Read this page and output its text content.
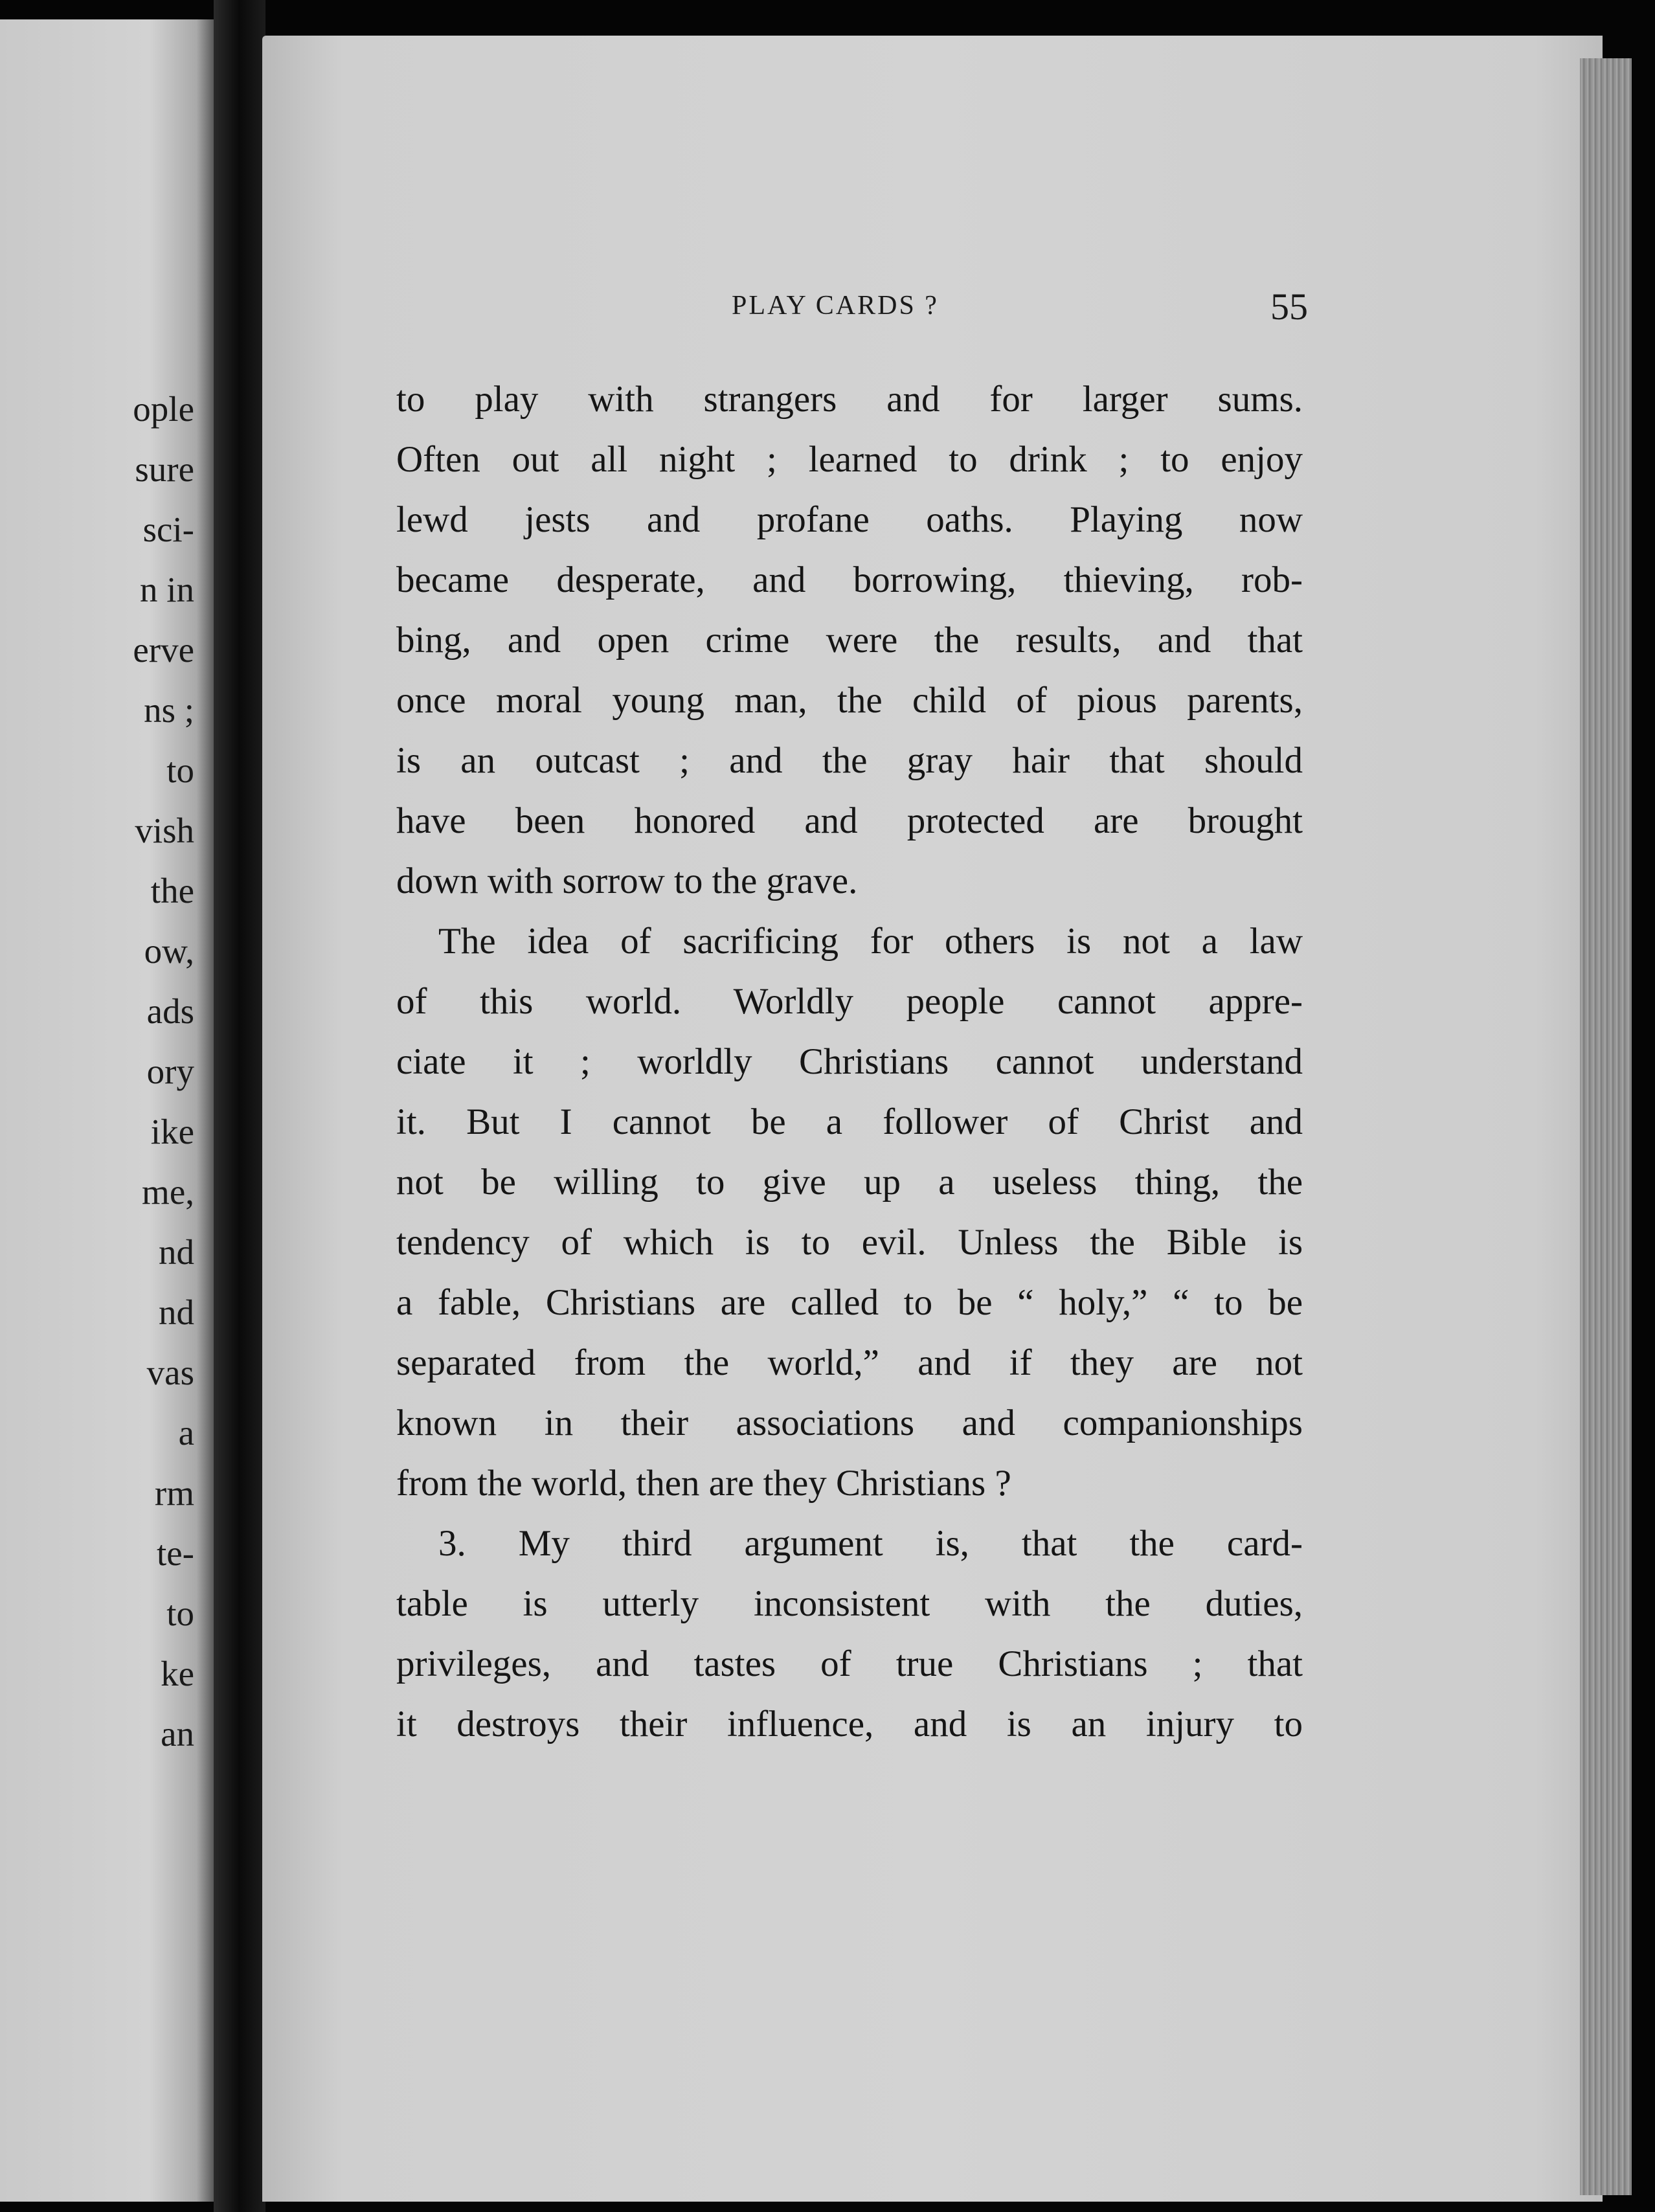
ople
sure
sci-
n in
erve
ns ;
to
vish
the
ow,
ads
ory
ike
me,
nd
nd
vas
a
rm
te-
to
ke
an
PLAY CARDS ?	55
to play with strangers and for larger sums.
Often out all night ; learned to drink ; to enjoy
lewd jests and profane oaths. Playing now
became desperate, and borrowing, thieving, rob-
bing, and open crime were the results, and that
once moral young man, the child of pious parents,
is an outcast ; and the gray hair that should
have been honored and protected are brought
down with sorrow to the grave.
The idea of sacrificing for others is not a law
of this world. Worldly people cannot appre-
ciate it ; worldly Christians cannot understand
it. But I cannot be a follower of Christ and
not be willing to give up a useless thing, the
tendency of which is to evil. Unless the Bible is
a fable, Christians are called to be “ holy,” “ to be
separated from the world,” and if they are not
known in their associations and companionships
from the world, then are they Christians ?
3. My third argument is, that the card-
table is utterly inconsistent with the duties,
privileges, and tastes of true Christians ; that
it destroys their influence, and is an injury to
